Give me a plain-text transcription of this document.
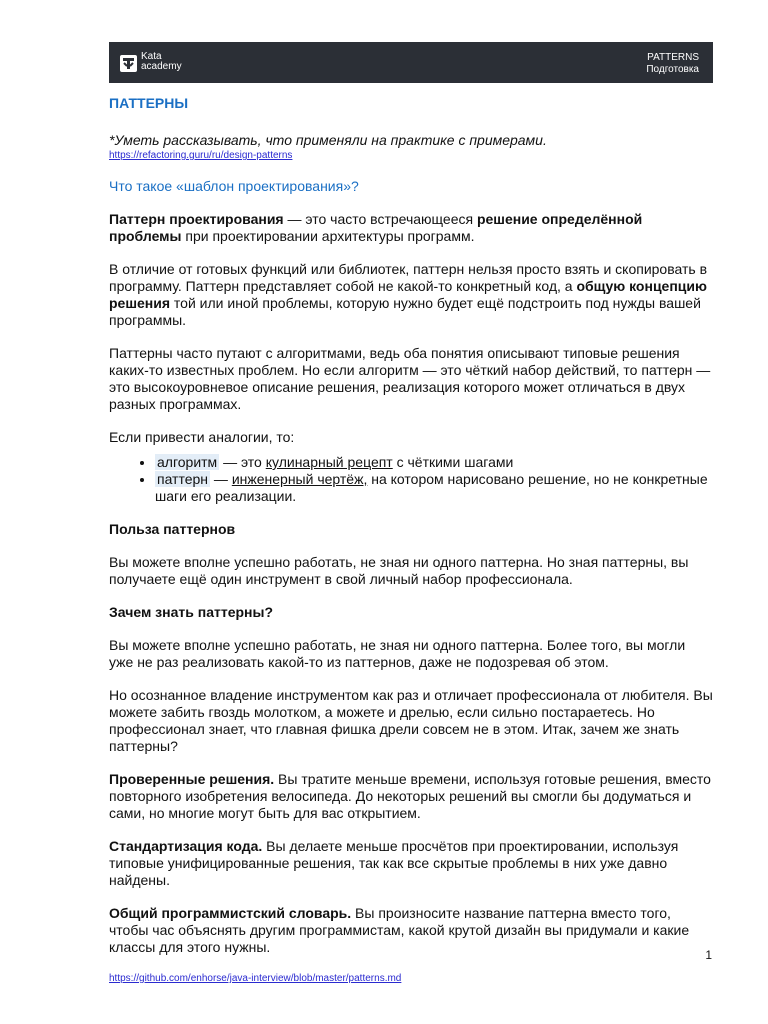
Kata
academy
PATTERNS
Подготовка

ПАТТЕРНЫ

*Уметь рассказывать, что применяли на практике с примерами.

https://refactoring.guru/ru/design-patterns

Что такое «шаблон проектирования»?

Паттерн проектирования — это часто встречающееся решение определённой проблемы при проектировании архитектуры программ.

В отличие от готовых функций или библиотек, паттерн нельзя просто взять и скопировать в программу. Паттерн представляет собой не какой-то конкретный код, а общую концепцию решения той или иной проблемы, которую нужно будет ещё подстроить под нужды вашей программы.

Паттерны часто путают с алгоритмами, ведь оба понятия описывают типовые решения каких-то известных проблем. Но если алгоритм — это чёткий набор действий, то паттерн — это высокоуровневое описание решения, реализация которого может отличаться в двух разных программах.

Если привести аналогии, то:

• алгоритм — это кулинарный рецепт с чёткими шагами
• паттерн — инженерный чертёж, на котором нарисовано решение, но не конкретные шаги его реализации.

Польза паттернов

Вы можете вполне успешно работать, не зная ни одного паттерна. Но зная паттерны, вы получаете ещё один инструмент в свой личный набор профессионала.

Зачем знать паттерны?

Вы можете вполне успешно работать, не зная ни одного паттерна. Более того, вы могли уже не раз реализовать какой-то из паттернов, даже не подозревая об этом.

Но осознанное владение инструментом как раз и отличает профессионала от любителя. Вы можете забить гвоздь молотком, а можете и дрелью, если сильно постараетесь. Но профессионал знает, что главная фишка дрели совсем не в этом. Итак, зачем же знать паттерны?

Проверенные решения. Вы тратите меньше времени, используя готовые решения, вместо повторного изобретения велосипеда. До некоторых решений вы смогли бы додуматься и сами, но многие могут быть для вас открытием.

Стандартизация кода. Вы делаете меньше просчётов при проектировании, используя типовые унифицированные решения, так как все скрытые проблемы в них уже давно найдены.

Общий программистский словарь. Вы произносите название паттерна вместо того, чтобы час объяснять другим программистам, какой крутой дизайн вы придумали и какие классы для этого нужны.

https://github.com/enhorse/java-interview/blob/master/patterns.md

1
